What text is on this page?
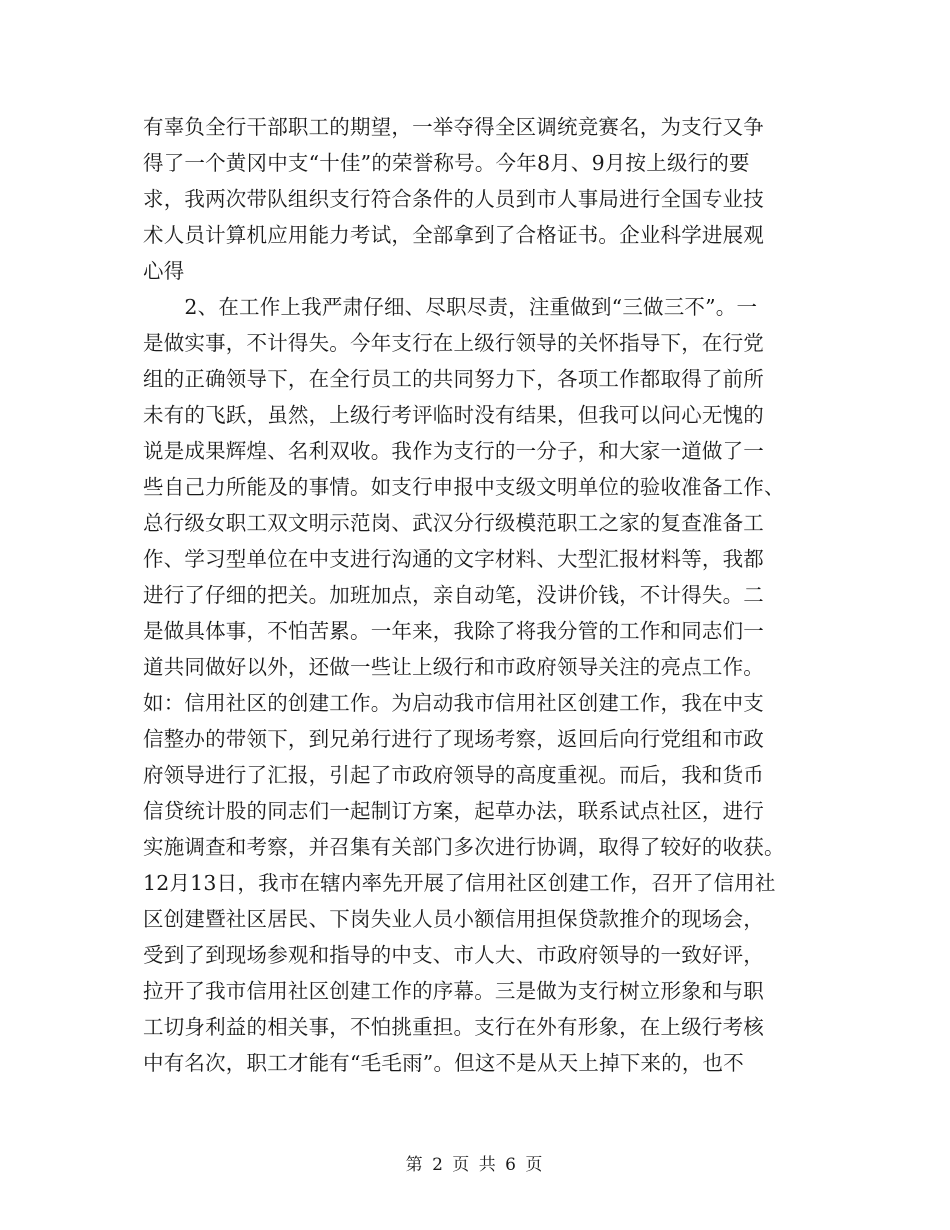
有辜负全行干部职工的期望，一举夺得全区调统竞赛名，为支行又争
得了一个黄冈中支“十佳”的荣誉称号。今年8月、9月按上级行的要
求，我两次带队组织支行符合条件的人员到市人事局进行全国专业技
术人员计算机应用能力考试，全部拿到了合格证书。企业科学进展观
心得
　　2、在工作上我严肃仔细、尽职尽责，注重做到“三做三不”。一
是做实事，不计得失。今年支行在上级行领导的关怀指导下，在行党
组的正确领导下，在全行员工的共同努力下，各项工作都取得了前所
未有的飞跃，虽然，上级行考评临时没有结果，但我可以问心无愧的
说是成果辉煌、名利双收。我作为支行的一分子，和大家一道做了一
些自己力所能及的事情。如支行申报中支级文明单位的验收准备工作、
总行级女职工双文明示范岗、武汉分行级模范职工之家的复查准备工
作、学习型单位在中支进行沟通的文字材料、大型汇报材料等，我都
进行了仔细的把关。加班加点，亲自动笔，没讲价钱，不计得失。二
是做具体事，不怕苦累。一年来，我除了将我分管的工作和同志们一
道共同做好以外，还做一些让上级行和市政府领导关注的亮点工作。
如：信用社区的创建工作。为启动我市信用社区创建工作，我在中支
信整办的带领下，到兄弟行进行了现场考察，返回后向行党组和市政
府领导进行了汇报，引起了市政府领导的高度重视。而后，我和货币
信贷统计股的同志们一起制订方案，起草办法，联系试点社区，进行
实施调查和考察，并召集有关部门多次进行协调，取得了较好的收获。
12月13日，我市在辖内率先开展了信用社区创建工作，召开了信用社
区创建暨社区居民、下岗失业人员小额信用担保贷款推介的现场会，
受到了到现场参观和指导的中支、市人大、市政府领导的一致好评，
拉开了我市信用社区创建工作的序幕。三是做为支行树立形象和与职
工切身利益的相关事，不怕挑重担。支行在外有形象，在上级行考核
中有名次，职工才能有“毛毛雨”。但这不是从天上掉下来的，也不
第 2 页 共 6 页
